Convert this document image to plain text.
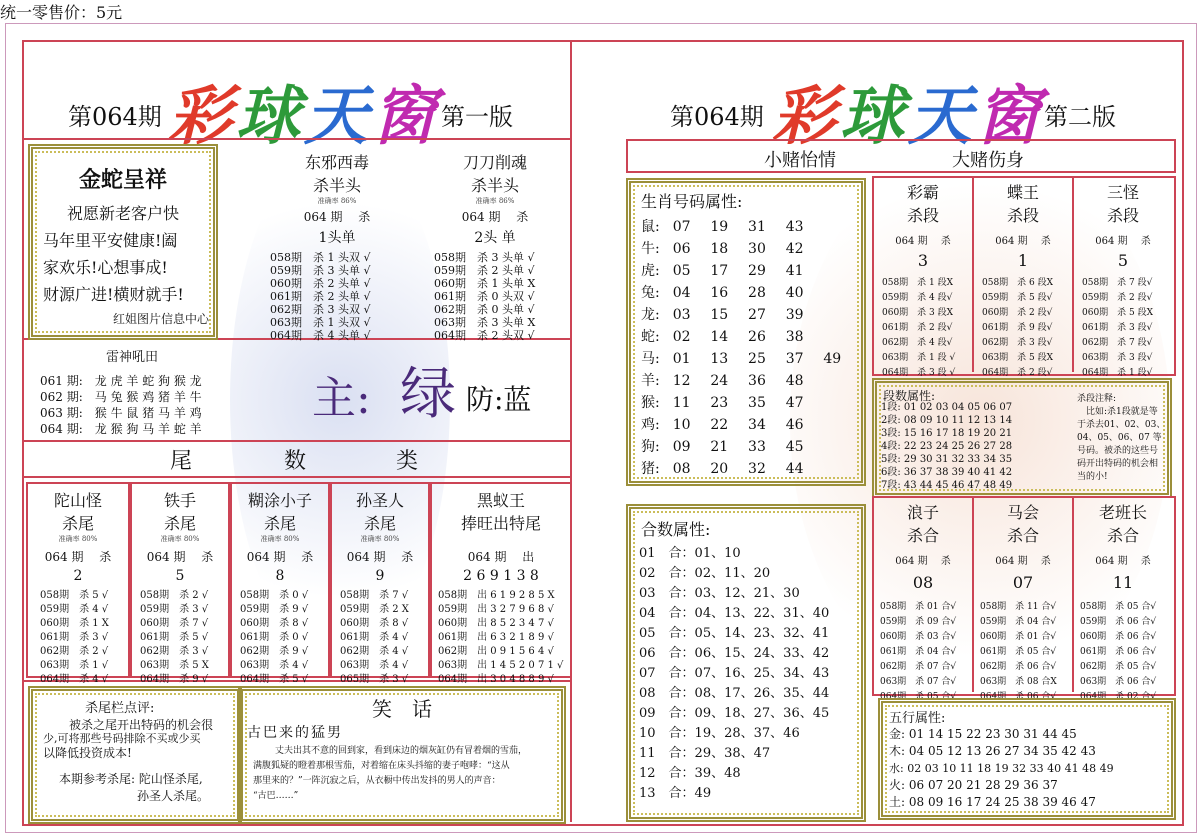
统一零售价：5元
第064期 彩 球 天 窗 第一版
金蛇呈祥
祝愿新老客户快
马年里平安健康!阖
家欢乐!心想事成!
财源广进!横财就手!
红姐图片信息中心
东邪西毒
杀半头
准确率 86%
064 期　 杀
1头单
058期　杀 1 头双 √
059期　杀 3 头单 √
060期　杀 2 头单 √
061期　杀 2 头单 √
062期　杀 3 头双 √
063期　杀 1 头双 √
064期　杀 4 头单 √
刀刀削魂
杀半头
准确率 86%
064 期　 杀
2头 单
058期　杀 3 头单 √
059期　杀 2 头单 √
060期　杀 1 头单 X
061期　杀 0 头双 √
062期　杀 0 头单 √
063期　杀 3 头单 X
064期　杀 2 头双 √
雷神吼田
061 期:　龙 虎 羊 蛇 狗 猴 龙
062 期:　马 兔 猴 鸡 猪 羊 牛
063 期:　猴 牛 鼠 猪 马 羊 鸡
064 期:　龙 猴 狗 马 羊 蛇 羊
主: 绿 防:蓝
尾	数	类
陀山怪
杀尾
准确率 80%
064 期　 杀
2
058期　杀 5 √
059期　杀 4 √
060期　杀 1 X
061期　杀 3 √
062期　杀 2 √
063期　杀 1 √
064期　杀 4 √
铁手
杀尾
准确率 80%
064 期　 杀
5
058期　杀 2 √
059期　杀 3 √
060期　杀 7 √
061期　杀 5 √
062期　杀 3 √
063期　杀 5 X
064期　杀 9 √
糊涂小子
杀尾
准确率 80%
064 期　 杀
8
058期　杀 0 √
059期　杀 9 √
060期　杀 8 √
061期　杀 0 √
062期　杀 9 √
063期　杀 4 √
064期　杀 5 √
孙圣人
杀尾
准确率 80%
064 期　 杀
9
058期　杀 7 √
059期　杀 2 X
060期　杀 8 √
061期　杀 4 √
062期　杀 4 √
063期　杀 4 √
065期　杀 3 √
黑蚁王
捧旺出特尾
064 期　 出
2 6 9 1 3 8
058期　出 6 1 9 2 8 5 X
059期　出 3 2 7 9 6 8 √
060期　出 8 5 2 3 4 7 √
061期　出 6 3 2 1 8 9 √
062期　出 0 9 1 5 6 4 √
063期　出 1 4 5 2 0 7 1 √
064期　出 3 0 4 8 8 9 √
杀尾栏点评:
被杀之尾开出特码的机会很
少,可将那些号码排除不买或少买
以降低投资成本!
本期参考杀尾: 陀山怪杀尾,
孙圣人杀尾。
笑　话
古巴来的猛男
丈夫出其不意的回到家，看到床边的烟灰缸仍有冒着烟的雪茄，
满腹狐疑的瞪着那根雪茄，对着缩在床头抖缩的妻子咆哮：“这从
那里来的？”一阵沉寂之后，从衣橱中传出发抖的男人的声音：
“古巴……”
第064期 彩 球 天 窗 第二版
小赌怡情	大赌伤身
生肖号码属性:
鼠: 07	19	31	43
牛: 06	18	30	42
虎: 05	17	29	41
兔: 04	16	28	40
龙: 03	15	27	39
蛇: 02	14	26	38
马: 01	13	25	37	49
羊: 12	24	36	48
猴: 11	23	35	47
鸡: 10	22	34	46
狗: 09	21	33	45
猪: 08	20	32	44
合数属性:
01　合：01、10
02　合：02、11、20
03　合：03、12、21、30
04　合：04、13、22、31、40
05　合：05、14、23、32、41
06　合：06、15、24、33、42
07　合：07、16、25、34、43
08　合：08、17、26、35、44
09　合：09、18、27、36、45
10　合：19、28、37、46
11　合：29、38、47
12　合：39、48
13　合：49
彩霸
杀段
064 期　 杀
3
058期　杀 1 段X
059期　杀 4 段√
060期　杀 3 段X
061期　杀 2 段√
062期　杀 4 段√
063期　杀 1 段 √
064期　杀 3 段 √
蝶王
杀段
064 期　 杀
1
058期　杀 6 段X
059期　杀 5 段√
060期　杀 2 段√
061期　杀 9 段√
062期　杀 3 段√
063期　杀 5 段X
064期　杀 2 段√
三怪
杀段
064 期　 杀
5
058期　杀 7 段√
059期　杀 2 段√
060期　杀 5 段X
061期　杀 3 段√
062期　杀 7 段√
063期　杀 3 段√
064期　杀 1 段√
段数属性:
1段: 01 02 03 04 05 06 07
2段: 08 09 10 11 12 13 14
3段: 15 16 17 18 19 20 21
4段: 22 23 24 25 26 27 28
5段: 29 30 31 32 33 34 35
6段: 36 37 38 39 40 41 42
7段: 43 44 45 46 47 48 49
杀段注释:
　比如:杀1段就是等
于杀去01、02、03、
04、05、06、07 等
号码。被杀的这些号
码开出特码的机会相
当的小!
浪子
杀合
064 期　 杀
08
058期　杀 01 合√
059期　杀 09 合√
060期　杀 03 合√
061期　杀 04 合√
062期　杀 07 合√
063期　杀 07 合√
064期　杀 05 合√
马会
杀合
064 期　 杀
07
058期　杀 11 合√
059期　杀 04 合√
060期　杀 01 合√
061期　杀 05 合√
062期　杀 06 合√
063期　杀 08 合X
064期　杀 06 合√
老班长
杀合
064 期　 杀
11
058期　杀 05 合√
059期　杀 06 合√
060期　杀 06 合√
061期　杀 06 合√
062期　杀 05 合√
063期　杀 06 合√
064期　杀 02 合√
五行属性:
金: 01 14 15 22 23 30 31 44 45
木: 04 05 12 13 26 27 34 35 42 43
水: 02 03 10 11 18 19 32 33 40 41 48 49
火: 06 07 20 21 28 29 36 37
土: 08 09 16 17 24 25 38 39 46 47
